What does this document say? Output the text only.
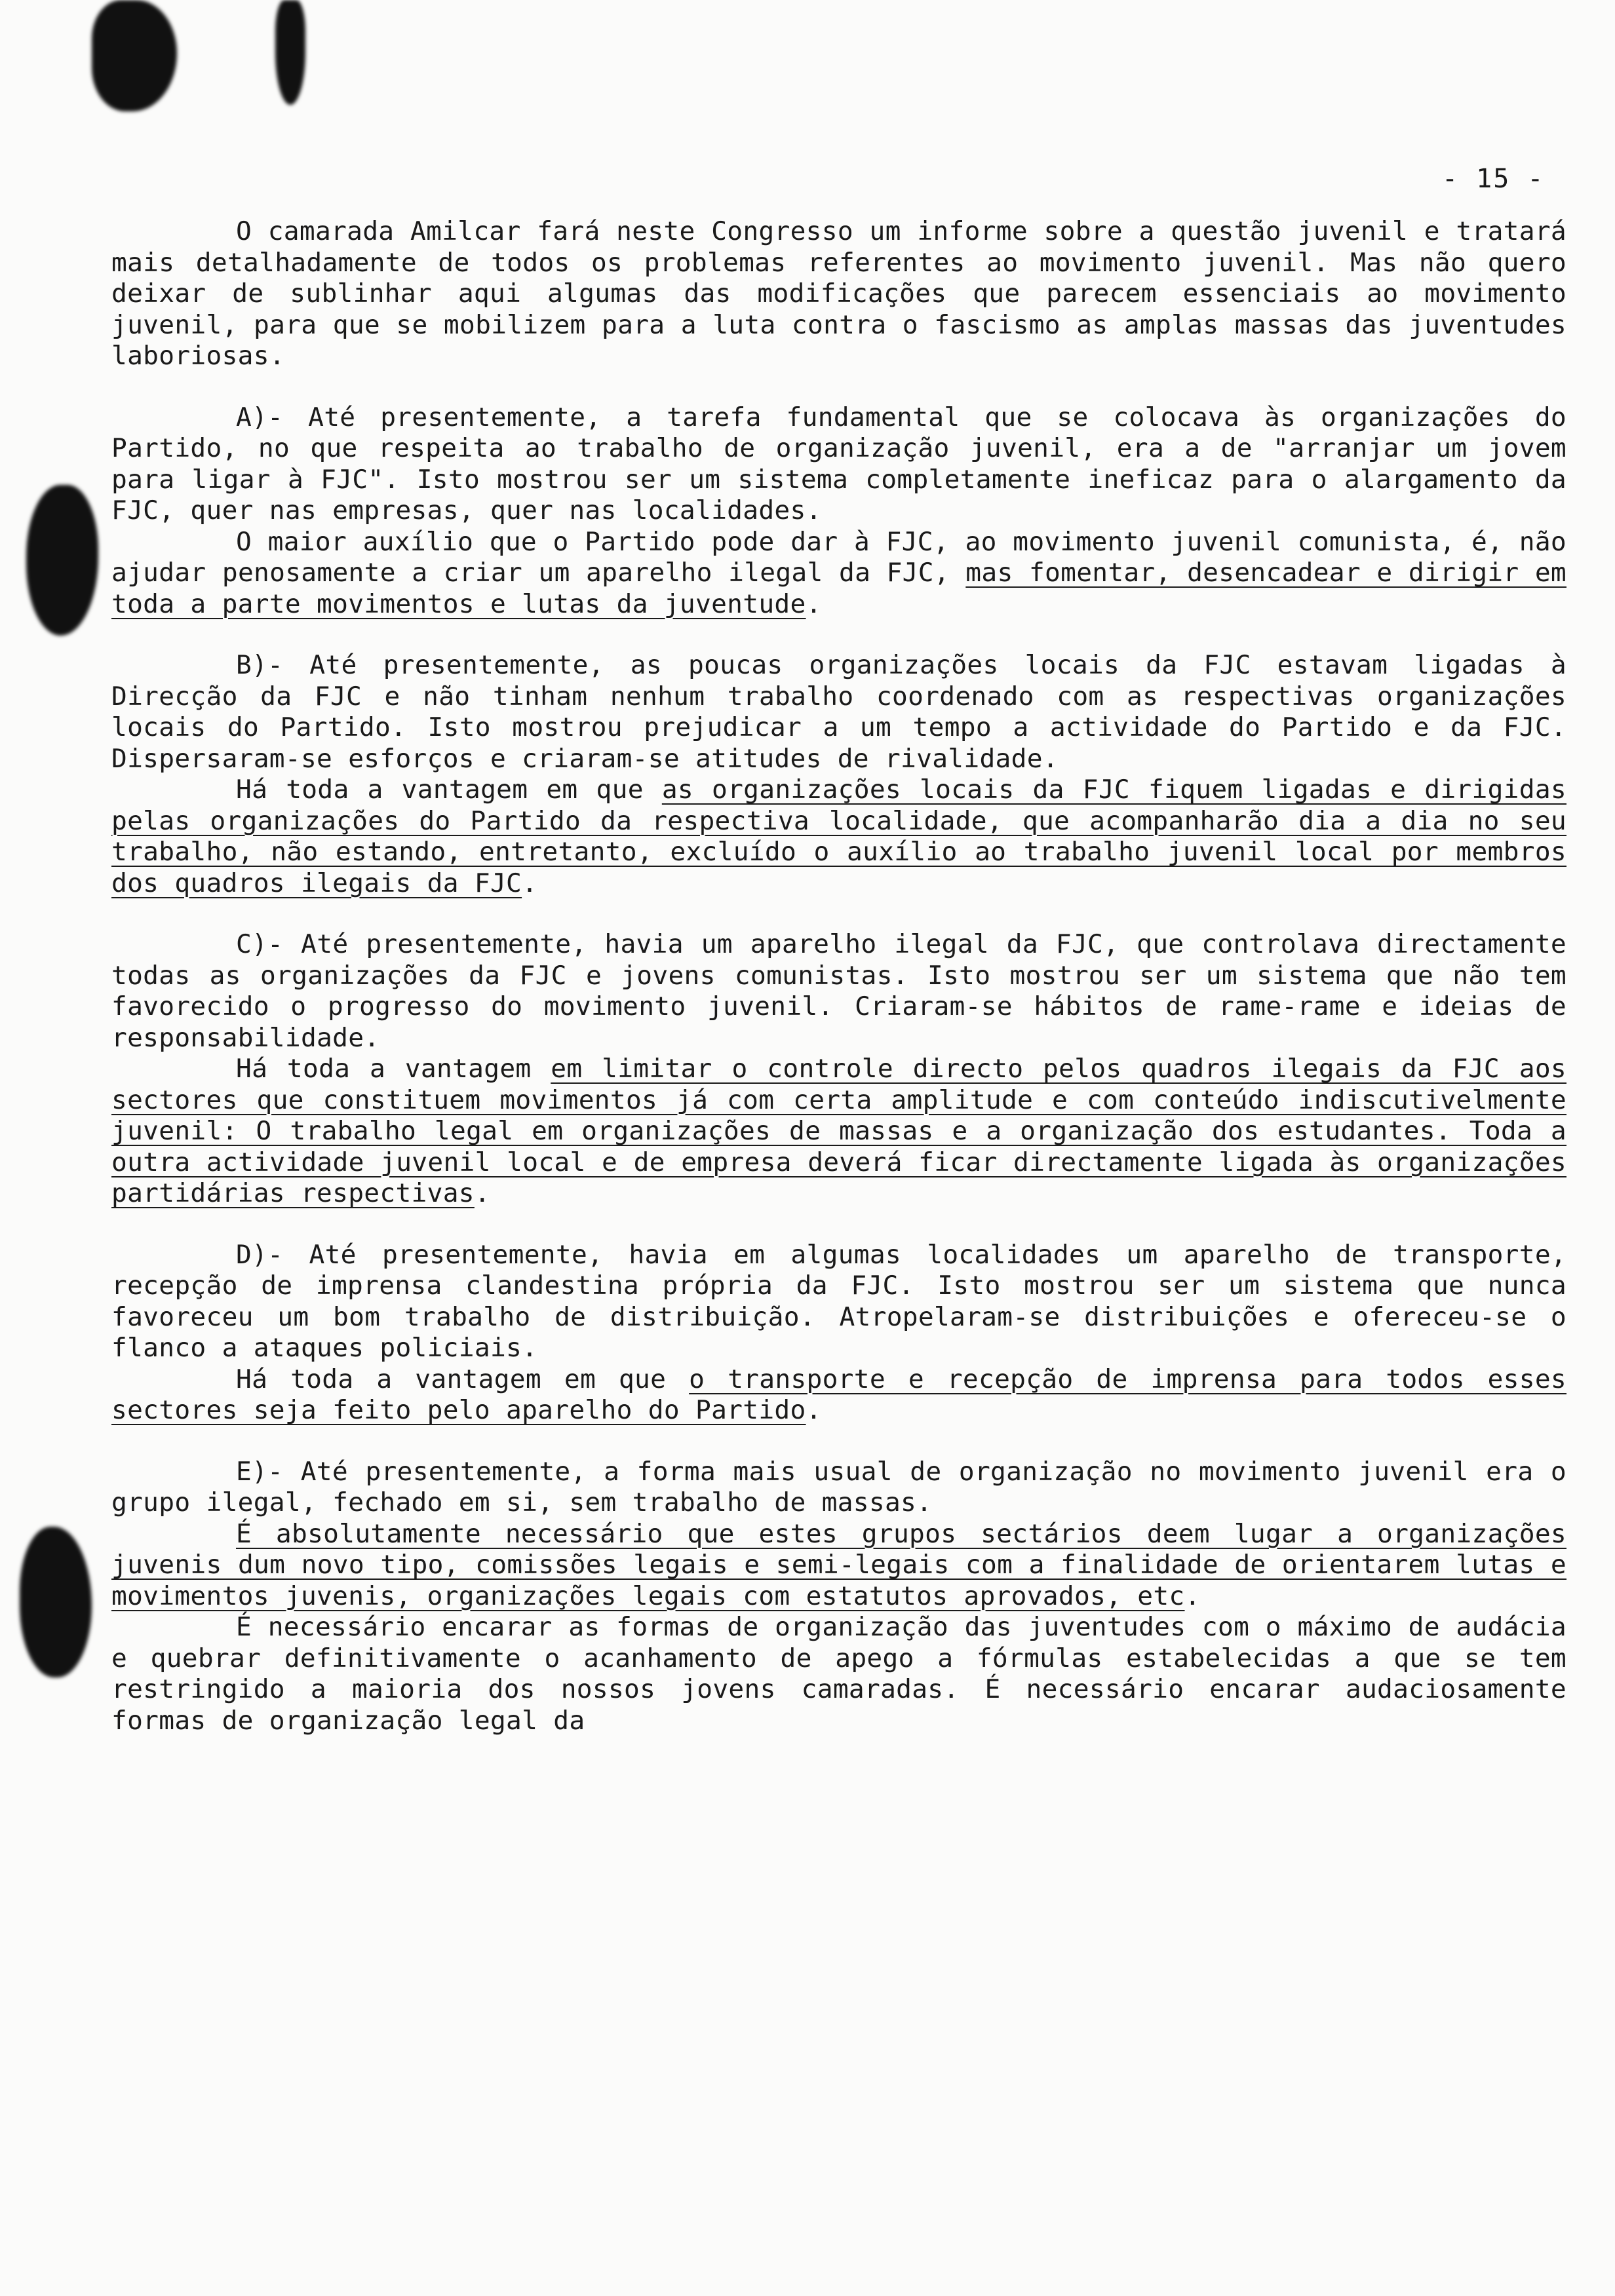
- 15 -

O camarada Amilcar fará neste Congresso um informe sobre a questão juvenil e tratará mais detalhadamente de todos os problemas referentes ao movimento juvenil. Mas não quero deixar de sublinhar aqui algumas das modificações que parecem essenciais ao movimento juvenil, para que se mobilizem para a luta contra o fascismo as amplas massas das juventudes laboriosas.

A)- Até presentemente, a tarefa fundamental que se colocava às organizações do Partido, no que respeita ao trabalho de organização juvenil, era a de "arranjar um jovem para ligar à FJC". Isto mostrou ser um sistema completamente ineficaz para o alargamento da FJC, quer nas empresas, quer nas localidades.

O maior auxílio que o Partido pode dar à FJC, ao movimento juvenil comunista, é, não ajudar penosamente a criar um aparelho ilegal da FJC, mas fomentar, desencadear e dirigir em toda a parte movimentos e lutas da juventude.

B)- Até presentemente, as poucas organizações locais da FJC estavam ligadas à Direcção da FJC e não tinham nenhum trabalho coordenado com as respectivas organizações locais do Partido. Isto mostrou prejudicar a um tempo a actividade do Partido e da FJC. Dispersaram-se esforços e criaram-se atitudes de rivalidade.

Há toda a vantagem em que as organizações locais da FJC fiquem ligadas e dirigidas pelas organizações do Partido da respectiva localidade, que acompanharão dia a dia no seu trabalho, não estando, entretanto, excluído o auxílio ao trabalho juvenil local por membros dos quadros ilegais da FJC.

C)- Até presentemente, havia um aparelho ilegal da FJC, que controlava directamente todas as organizações da FJC e jovens comunistas. Isto mostrou ser um sistema que não tem favorecido o progresso do movimento juvenil. Criaram-se hábitos de rame-rame e ideias de responsabilidade.

Há toda a vantagem em limitar o controle directo pelos quadros ilegais da FJC aos sectores que constituem movimentos já com certa amplitude e com conteúdo indiscutivelmente juvenil: O trabalho legal em organizações de massas e a organização dos estudantes. Toda a outra actividade juvenil local e de empresa deverá ficar directamente ligada às organizações partidárias respectivas.

D)- Até presentemente, havia em algumas localidades um aparelho de transporte, recepção de imprensa clandestina própria da FJC. Isto mostrou ser um sistema que nunca favoreceu um bom trabalho de distribuição. Atropelaram-se distribuições e ofereceu-se o flanco a ataques policiais.

Há toda a vantagem em que o transporte e recepção de imprensa para todos esses sectores seja feito pelo aparelho do Partido.

E)- Até presentemente, a forma mais usual de organização no movimento juvenil era o grupo ilegal, fechado em si, sem trabalho de massas.

É absolutamente necessário que estes grupos sectários deem lugar a organizações juvenis dum novo tipo, comissões legais e semi-legais com a finalidade de orientarem lutas e movimentos juvenis, organizações legais com estatutos aprovados, etc.

É necessário encarar as formas de organização das juventudes com o máximo de audácia e quebrar definitivamente o acanhamento de apego a fórmulas estabelecidas a que se tem restringido a maioria dos nossos jovens camaradas. É necessário encarar audaciosamente formas de organização legal da
